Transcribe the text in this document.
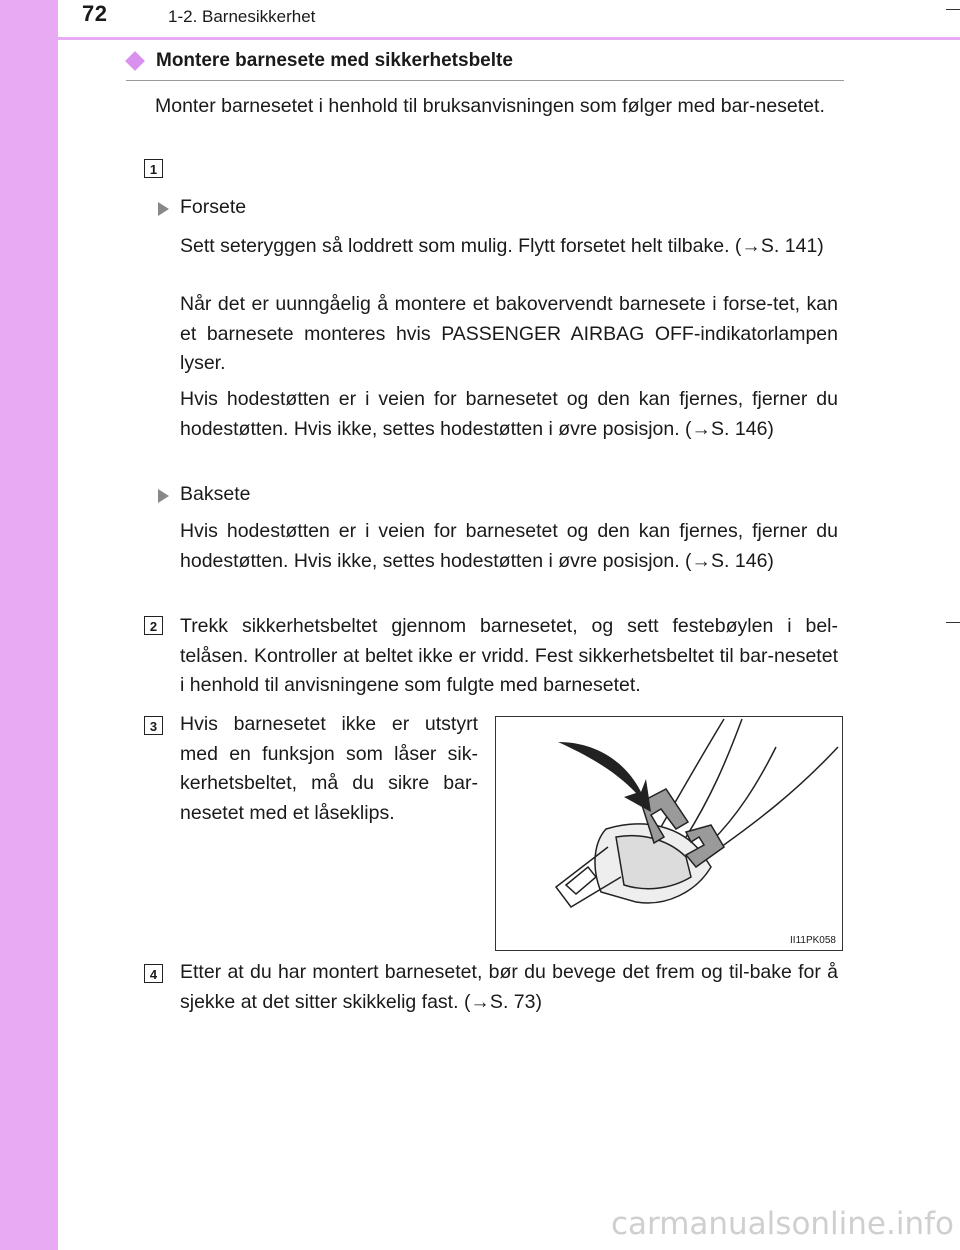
72	1-2. Barnesikkerhet
Montere barnesete med sikkerhetsbelte
Monter barnesetet i henhold til bruksanvisningen som følger med bar-nesetet.
1
Forsete
Sett seteryggen så loddrett som mulig. Flytt forsetet helt tilbake. (→S. 141)
Når det er uunngåelig å montere et bakovervendt barnesete i forse-tet, kan et barnesete monteres hvis PASSENGER AIRBAG OFF-indikatorlampen lyser.
Hvis hodestøtten er i veien for barnesetet og den kan fjernes, fjerner du hodestøtten. Hvis ikke, settes hodestøtten i øvre posisjon. (→S. 146)
Baksete
Hvis hodestøtten er i veien for barnesetet og den kan fjernes, fjerner du hodestøtten. Hvis ikke, settes hodestøtten i øvre posisjon. (→S. 146)
2	Trekk sikkerhetsbeltet gjennom barnesetet, og sett festebøylen i bel-telåsen. Kontroller at beltet ikke er vridd. Fest sikkerhetsbeltet til bar-nesetet i henhold til anvisningene som fulgte med barnesetet.
3	Hvis barnesetet ikke er utstyrt med en funksjon som låser sik-kerhetsbeltet, må du sikre bar-nesetet med et låseklips.
II11PK058
4	Etter at du har montert barnesetet, bør du bevege det frem og til-bake for å sjekke at det sitter skikkelig fast. (→S. 73)
carmanualsonline.info
